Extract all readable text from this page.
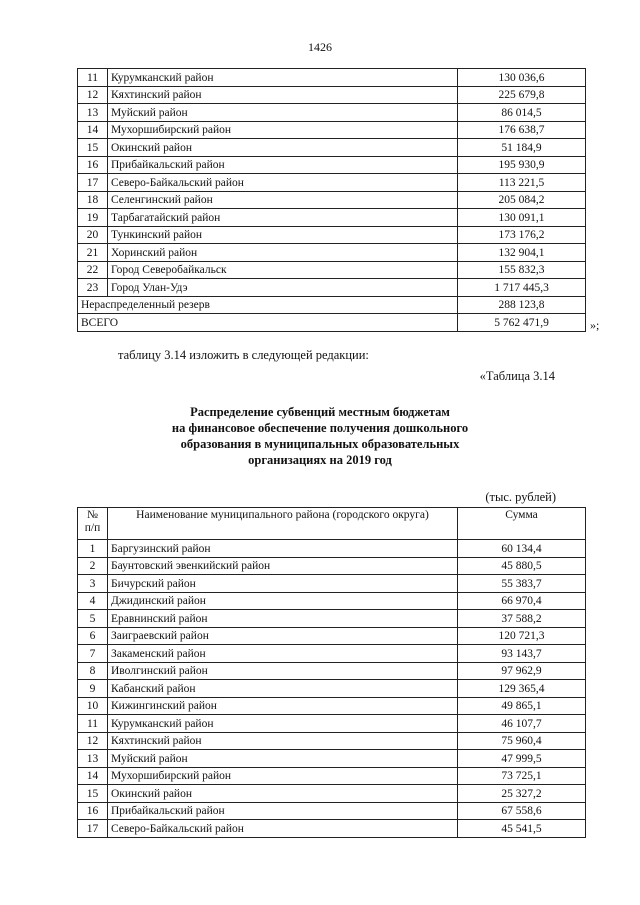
1426
11	Курумканский район	130 036,6
12	Кяхтинский район	225 679,8
13	Муйский район	86 014,5
14	Мухоршибирский район	176 638,7
15	Окинский район	51 184,9
16	Прибайкальский район	195 930,9
17	Северо-Байкальский район	113 221,5
18	Селенгинский район	205 084,2
19	Тарбагатайский район	130 091,1
20	Тункинский район	173 176,2
21	Хоринский район	132 904,1
22	Город Северобайкальск	155 832,3
23	Город Улан-Удэ	1 717 445,3
Нераспределенный резерв		288 123,8
ВСЕГО		5 762 471,9	»;
таблицу 3.14 изложить в следующей редакции:
«Таблица 3.14
Распределение субвенций местным бюджетам
на финансовое обеспечение получения дошкольного
образования в муниципальных образовательных
организациях на 2019 год
(тыс. рублей)
№ п/п	Наименование муниципального района (городского округа)	Сумма
1	Баргузинский район	60 134,4
2	Баунтовский эвенкийский район	45 880,5
3	Бичурский район	55 383,7
4	Джидинский район	66 970,4
5	Еравнинский район	37 588,2
6	Заиграевский район	120 721,3
7	Закаменский район	93 143,7
8	Иволгинский район	97 962,9
9	Кабанский район	129 365,4
10	Кижингинский район	49 865,1
11	Курумканский район	46 107,7
12	Кяхтинский район	75 960,4
13	Муйский район	47 999,5
14	Мухоршибирский район	73 725,1
15	Окинский район	25 327,2
16	Прибайкальский район	67 558,6
17	Северо-Байкальский район	45 541,5
